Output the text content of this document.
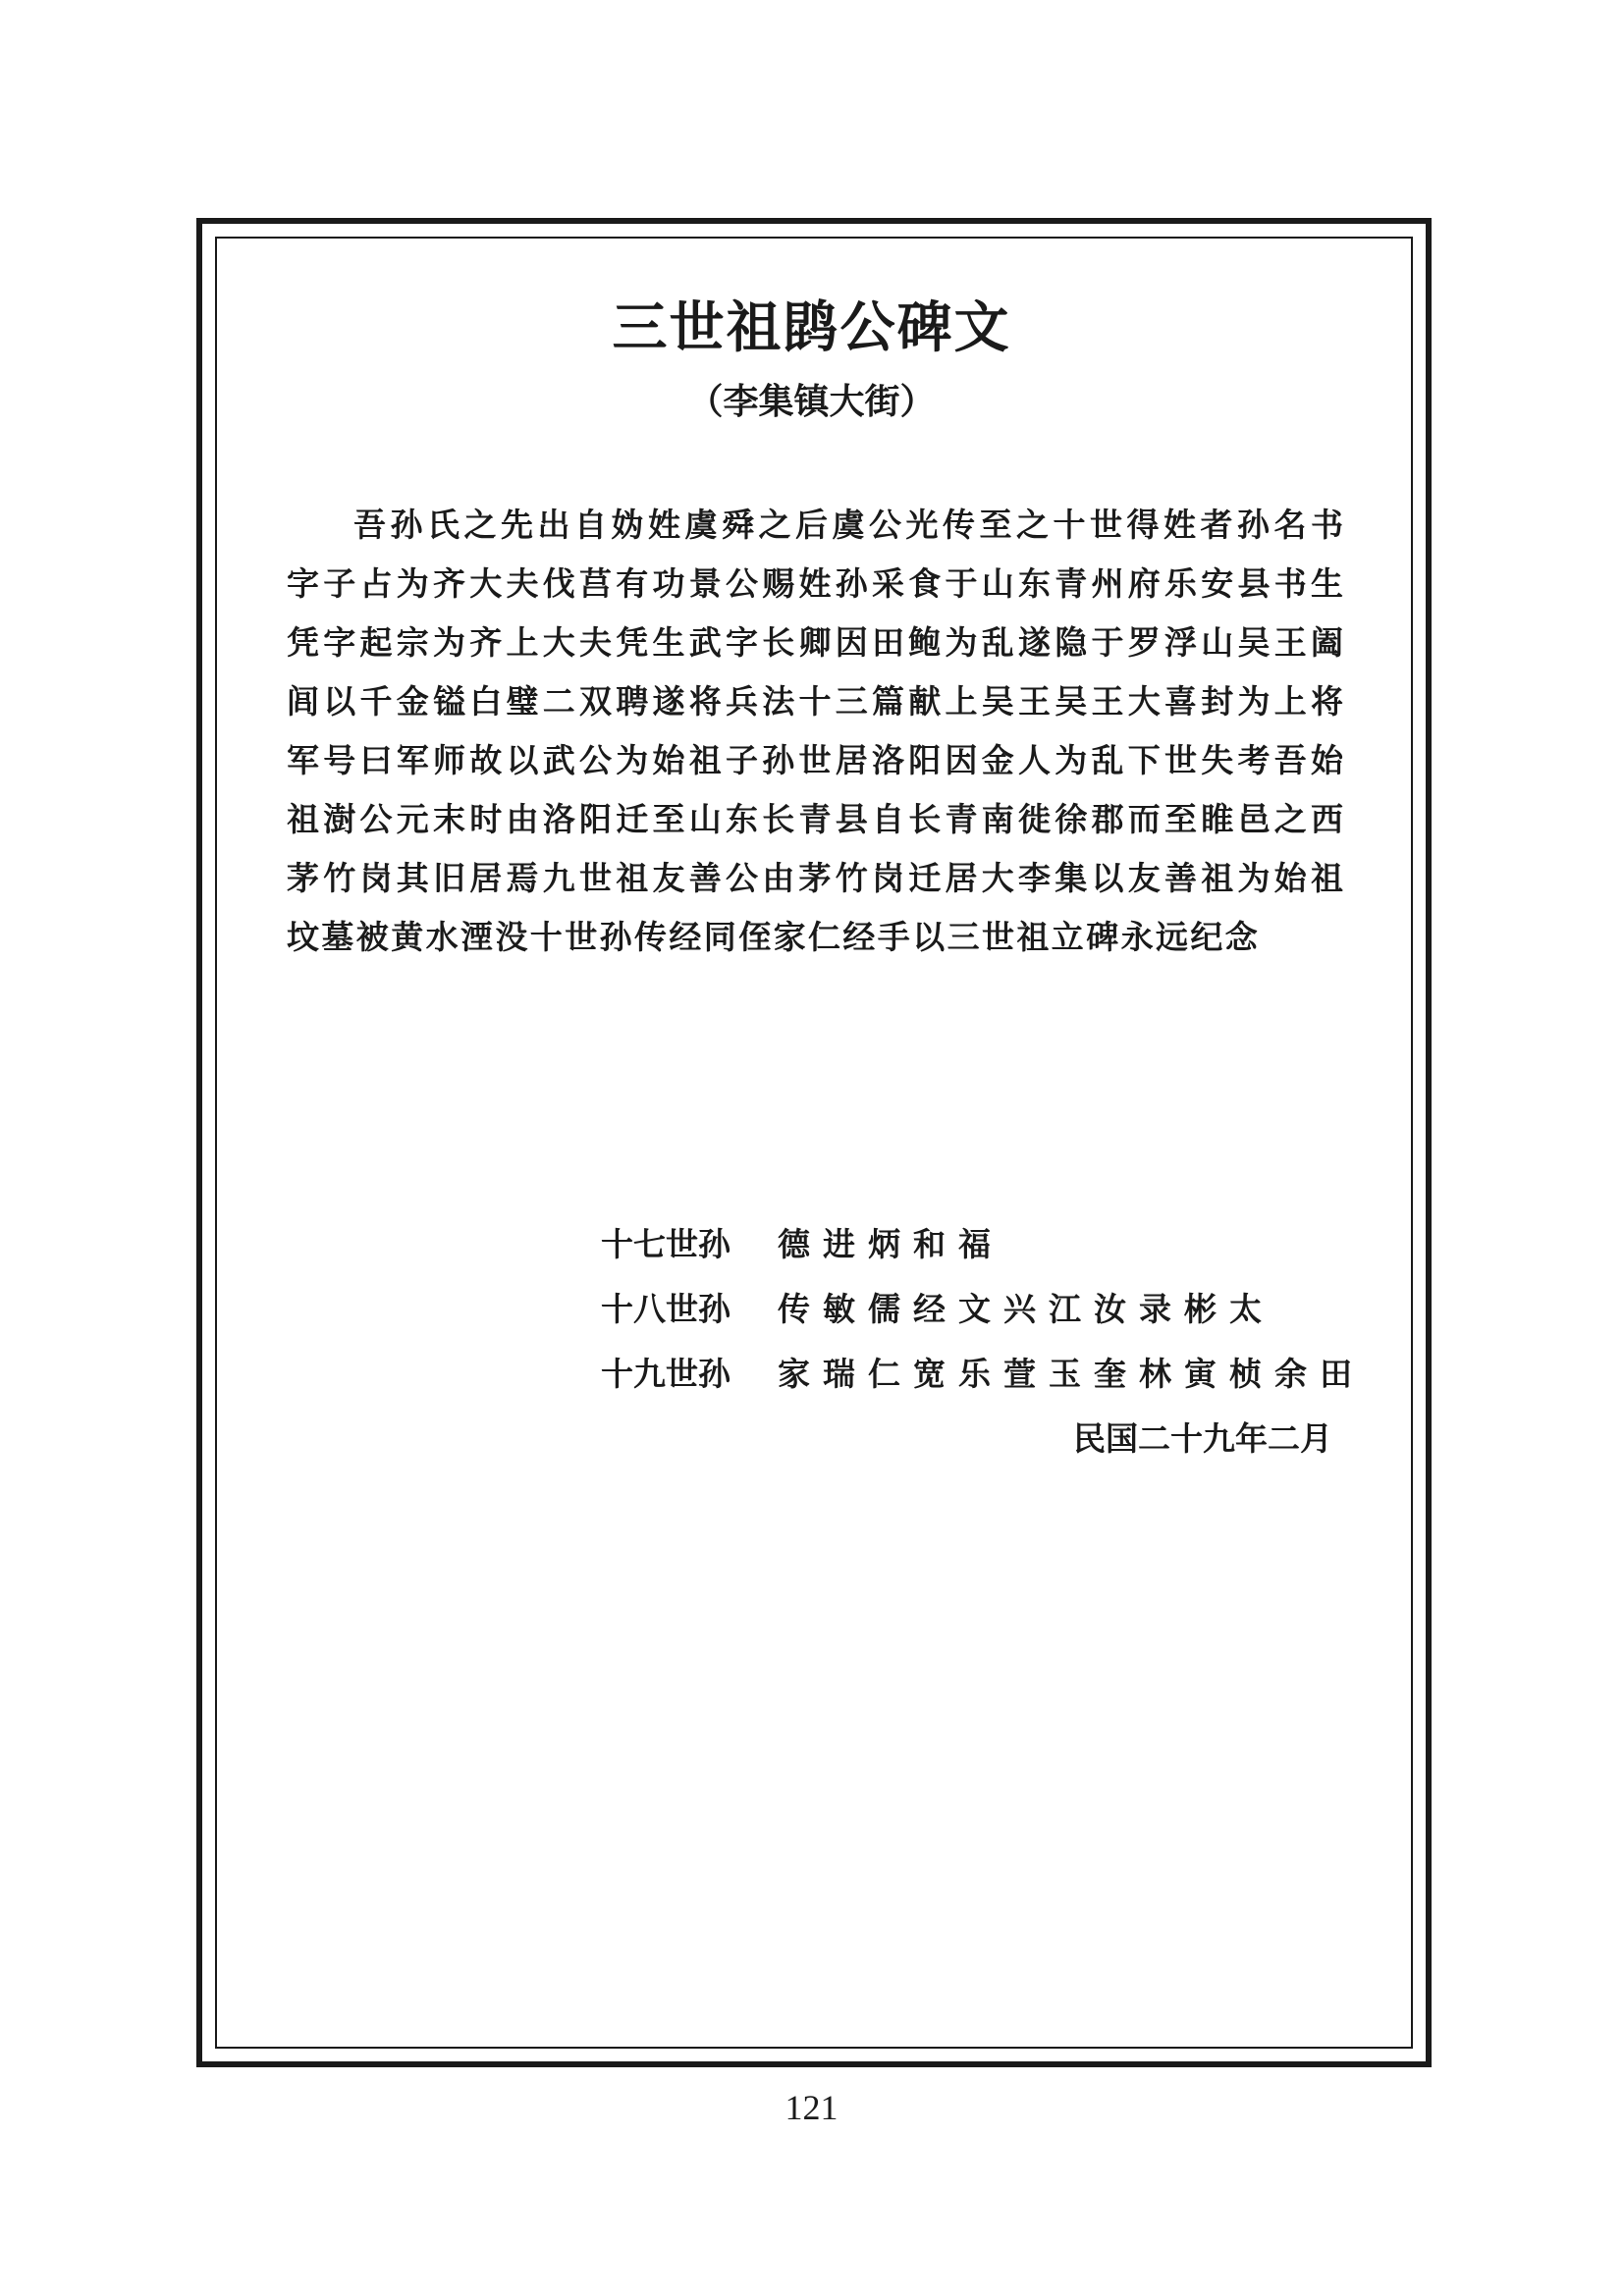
三世祖鹍公碑文
（李集镇大街）
吾孙氏之先出自妫姓虞舜之后虞公光传至之十世得姓者孙名书
字子占为齐大夫伐莒有功景公赐姓孙采食于山东青州府乐安县书生
凭字起宗为齐上大夫凭生武字长卿因田鲍为乱遂隐于罗浮山吴王阖
闾以千金镒白璧二双聘遂将兵法十三篇献上吴王吴王大喜封为上将
军号曰军师故以武公为始祖子孙世居洛阳因金人为乱下世失考吾始
祖澍公元末时由洛阳迁至山东长青县自长青南徙徐郡而至睢邑之西
茅竹岗其旧居焉九世祖友善公由茅竹岗迁居大李集以友善祖为始祖
坟墓被黄水湮没十世孙传经同侄家仁经手以三世祖立碑永远纪念
十七世孙 德进炳和福
十八世孙 传敏儒经文兴江汝录彬太
十九世孙 家瑞仁宽乐萱玉奎林寅桢余田
民国二十九年二月
121
